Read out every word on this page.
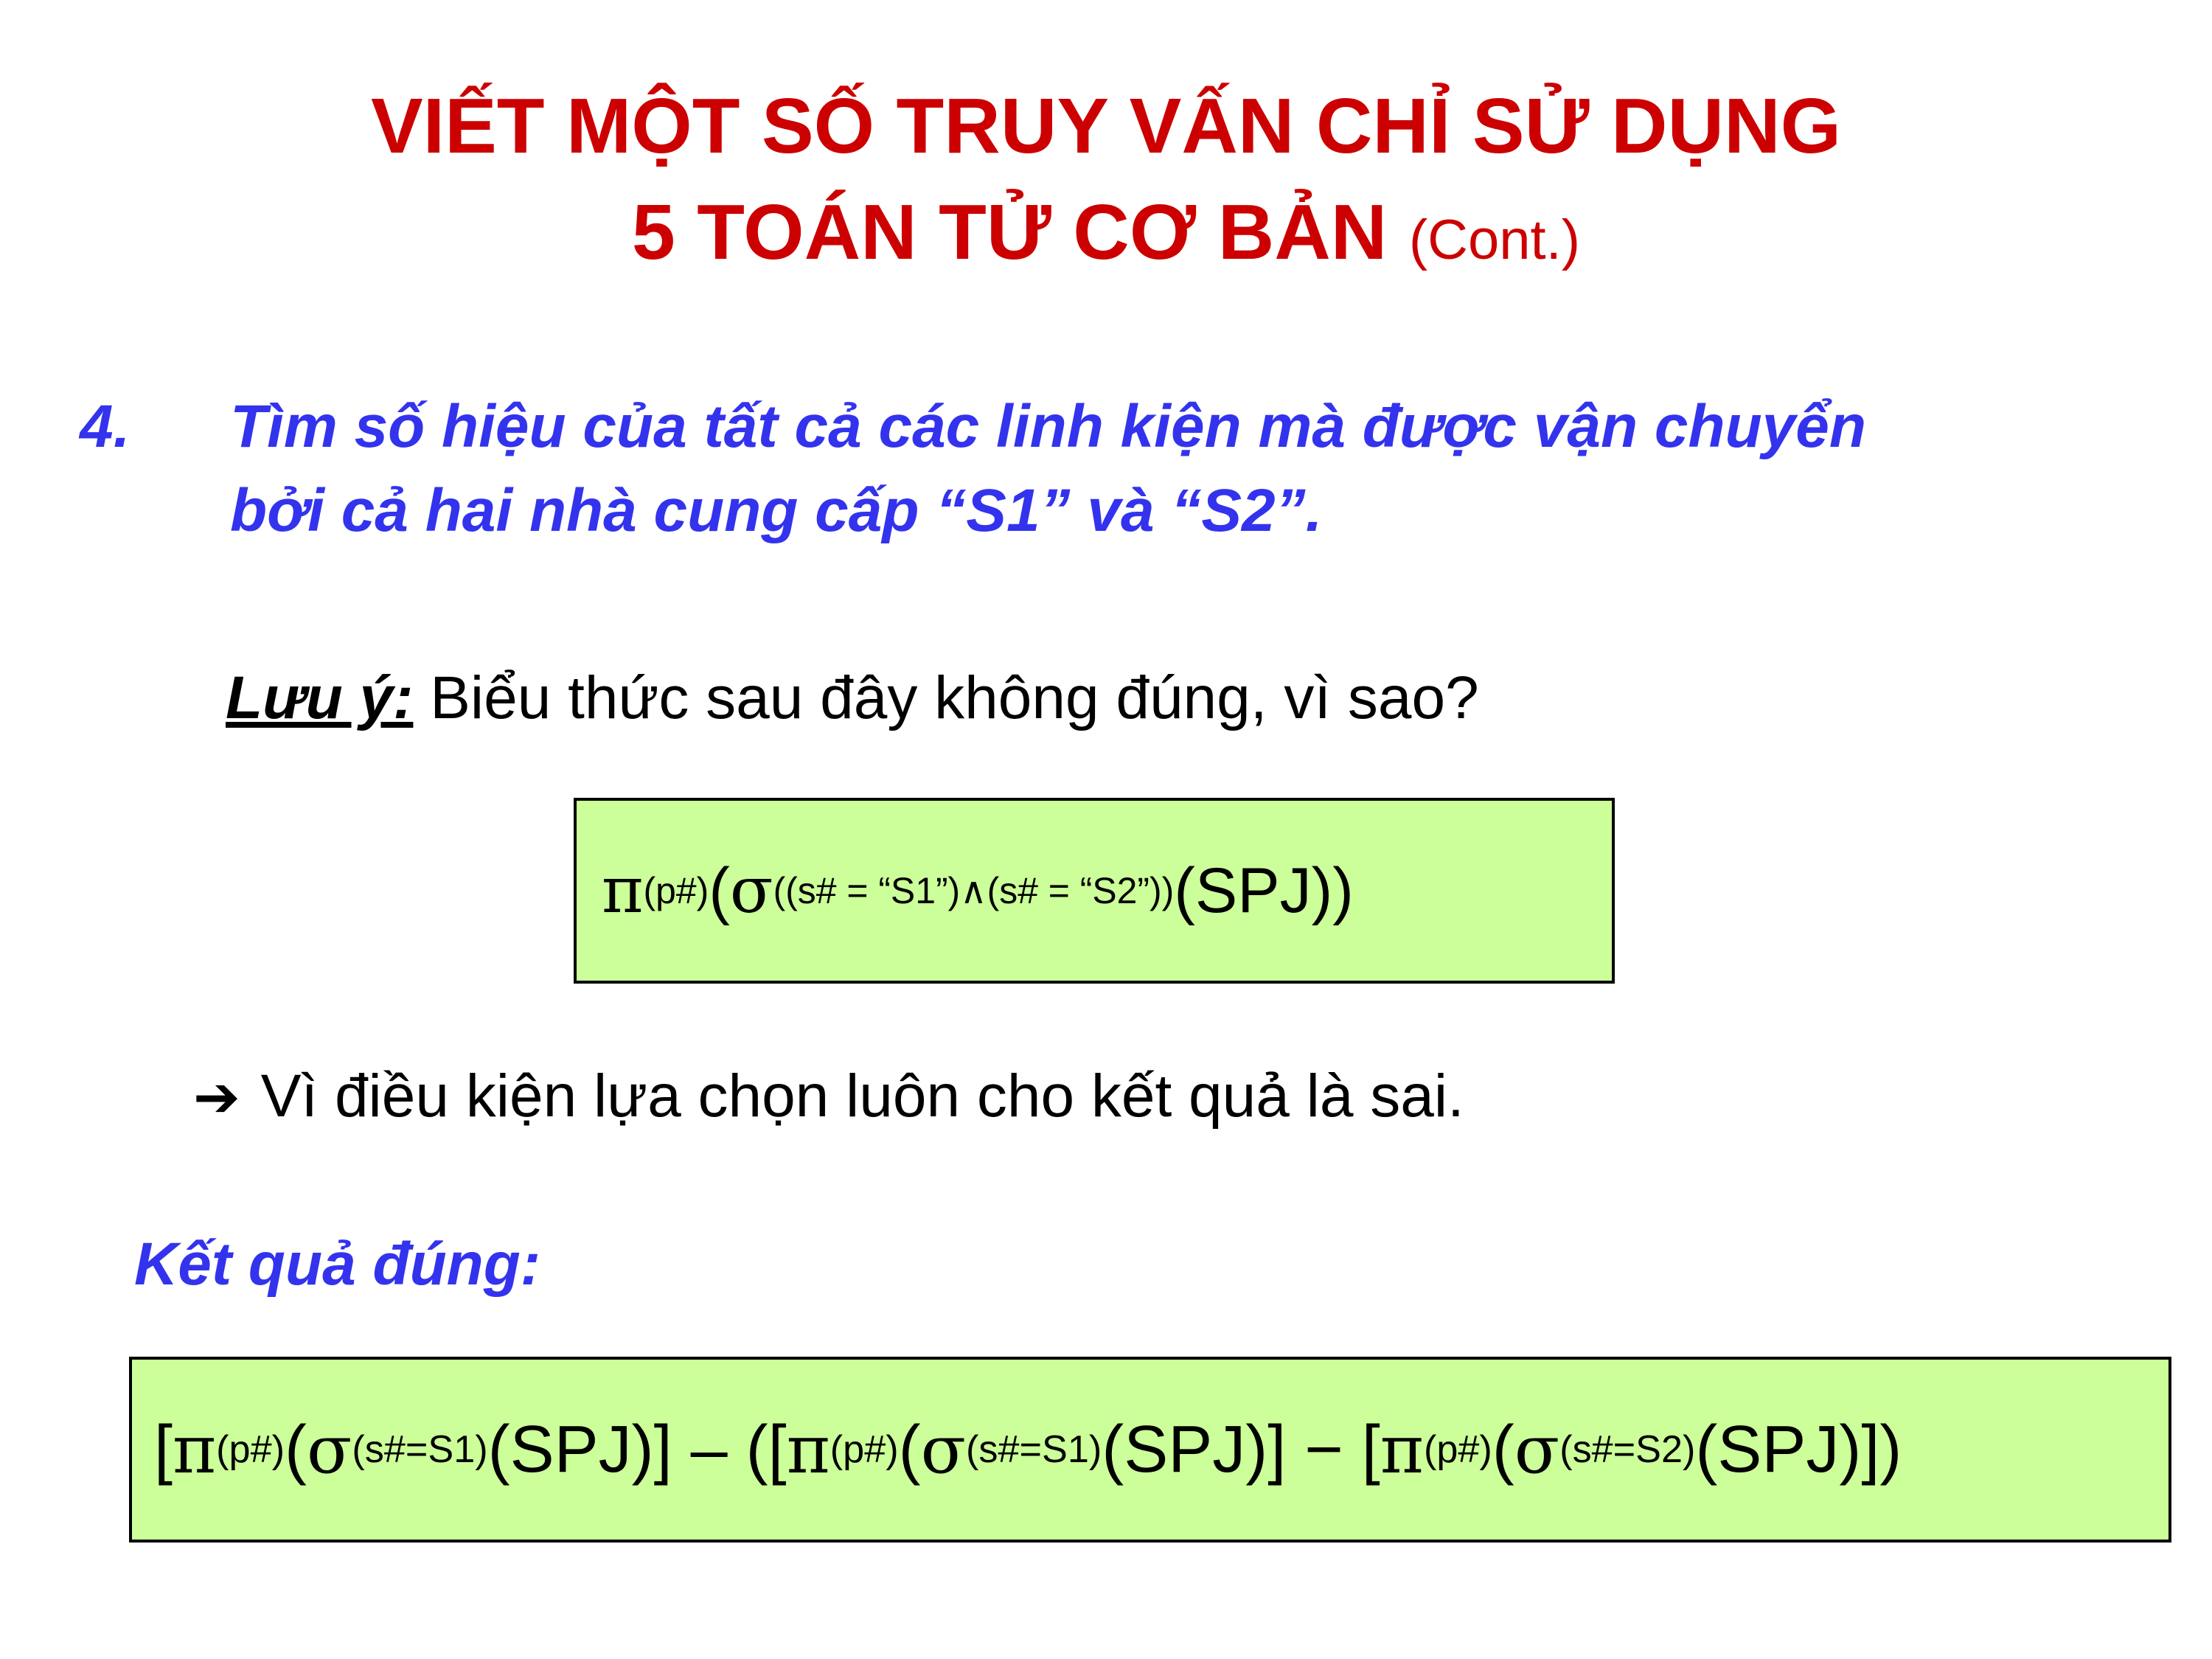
VIẾT MỘT SỐ TRUY VẤN CHỈ SỬ DỤNG
5 TOÁN TỬ CƠ BẢN (Cont.)
4. Tìm số hiệu của tất cả các linh kiện mà được vận chuyển
bởi cả hai nhà cung cấp “S1” và “S2”.
Lưu ý: Biểu thức sau đây không đúng, vì sao?
π (p#) ( σ ((s# = “S1”)∧(s# = “S2”)) (SPJ))
➔ Vì điều kiện lựa chọn luôn cho kết quả là sai.
Kết quả đúng:
[ π (p#) ( σ (s#=S1) (SPJ)] – ([ π (p#) ( σ (s#=S1) (SPJ)] − [ π (p#) ( σ (s#=S2) (SPJ)])
